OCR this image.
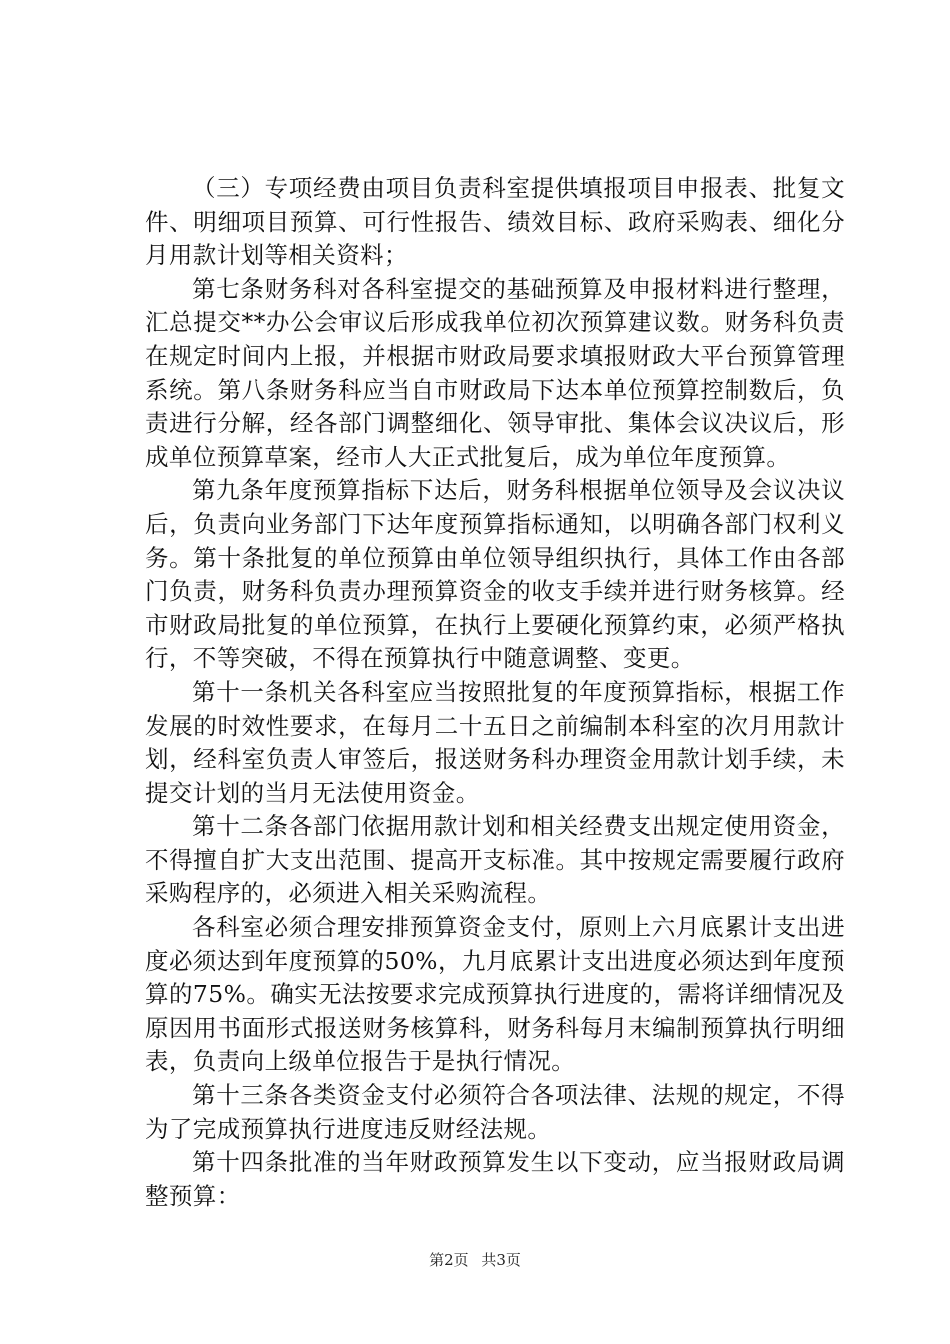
（三）专项经费由项目负责科室提供填报项目申报表、批复文件、明细项目预算、可行性报告、绩效目标、政府采购表、细化分月用款计划等相关资料；

第七条财务科对各科室提交的基础预算及申报材料进行整理，汇总提交**办公会审议后形成我单位初次预算建议数。财务科负责在规定时间内上报，并根据市财政局要求填报财政大平台预算管理系统。第八条财务科应当自市财政局下达本单位预算控制数后，负责进行分解，经各部门调整细化、领导审批、集体会议决议后，形成单位预算草案，经市人大正式批复后，成为单位年度预算。

第九条年度预算指标下达后，财务科根据单位领导及会议决议后，负责向业务部门下达年度预算指标通知，以明确各部门权利义务。第十条批复的单位预算由单位领导组织执行，具体工作由各部门负责，财务科负责办理预算资金的收支手续并进行财务核算。经市财政局批复的单位预算，在执行上要硬化预算约束，必须严格执行，不等突破，不得在预算执行中随意调整、变更。

第十一条机关各科室应当按照批复的年度预算指标，根据工作发展的时效性要求，在每月二十五日之前编制本科室的次月用款计划，经科室负责人审签后，报送财务科办理资金用款计划手续，未提交计划的当月无法使用资金。

第十二条各部门依据用款计划和相关经费支出规定使用资金，不得擅自扩大支出范围、提高开支标准。其中按规定需要履行政府采购程序的，必须进入相关采购流程。

各科室必须合理安排预算资金支付，原则上六月底累计支出进度必须达到年度预算的50%，九月底累计支出进度必须达到年度预算的75%。确实无法按要求完成预算执行进度的，需将详细情况及原因用书面形式报送财务核算科，财务科每月末编制预算执行明细表，负责向上级单位报告于是执行情况。

第十三条各类资金支付必须符合各项法律、法规的规定，不得为了完成预算执行进度违反财经法规。

第十四条批准的当年财政预算发生以下变动，应当报财政局调整预算：

第2页 共3页
